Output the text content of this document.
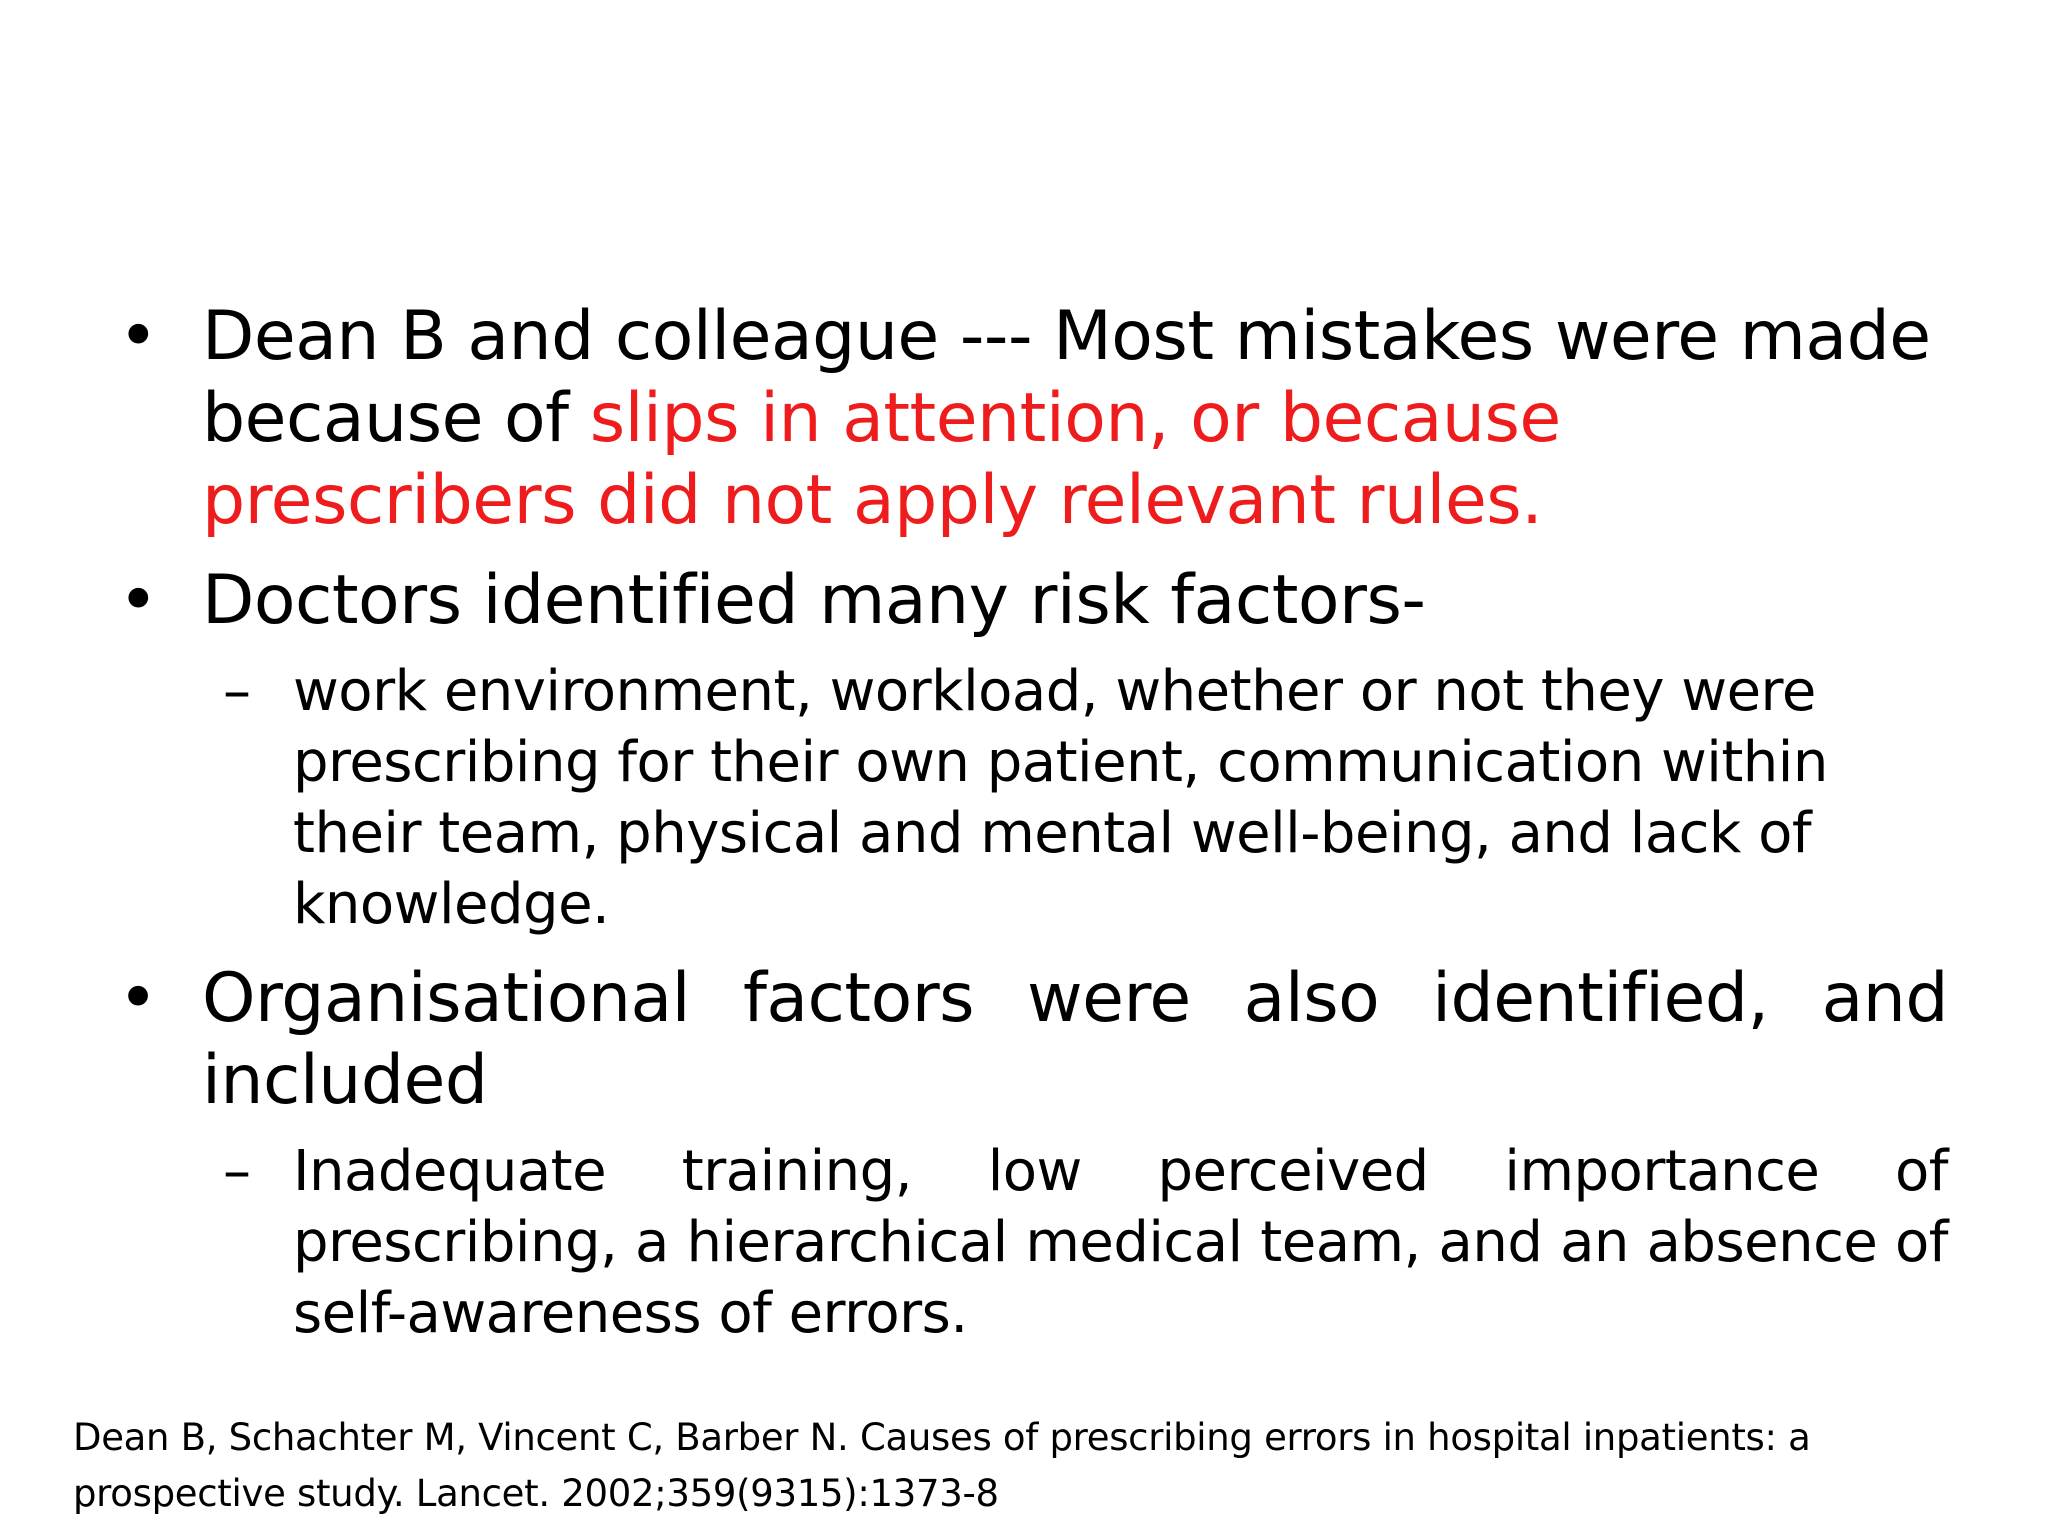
• Dean B and colleague --- Most mistakes were made because of slips in attention, or because prescribers did not apply relevant rules.
• Doctors identified many risk factors-
– work environment, workload, whether or not they were prescribing for their own patient, communication within their team, physical and mental well-being, and lack of knowledge.
• Organisational factors were also identified, and included
– Inadequate training, low perceived importance of prescribing, a hierarchical medical team, and an absence of self-awareness of errors.
Dean B, Schachter M, Vincent C, Barber N. Causes of prescribing errors in hospital inpatients: a prospective study. Lancet. 2002;359(9315):1373-8
